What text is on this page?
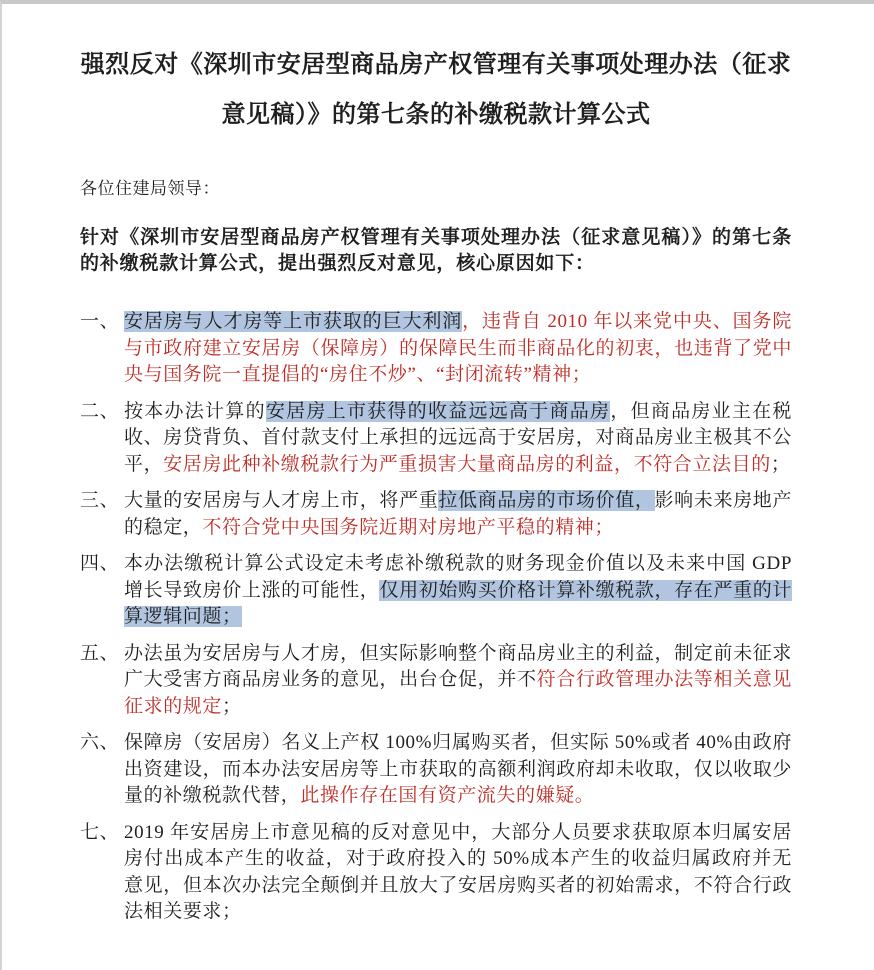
强烈反对《深圳市安居型商品房产权管理有关事项处理办法（征求
意见稿）》的第七条的补缴税款计算公式
各位住建局领导：
针对《深圳市安居型商品房产权管理有关事项处理办法（征求意见稿）》的第七条的补缴税款计算公式，提出强烈反对意见，核心原因如下：
一、 安居房与人才房等上市获取的巨大利润，违背自 2010 年以来党中央、国务院与市政府建立安居房（保障房）的保障民生而非商品化的初衷，也违背了党中央与国务院一直提倡的“房住不炒”、“封闭流转”精神；
二、 按本办法计算的安居房上市获得的收益远远高于商品房，但商品房业主在税收、房贷背负、首付款支付上承担的远远高于安居房，对商品房业主极其不公平，安居房此种补缴税款行为严重损害大量商品房的利益，不符合立法目的；
三、 大量的安居房与人才房上市，将严重拉低商品房的市场价值，影响未来房地产的稳定，不符合党中央国务院近期对房地产平稳的精神；
四、 本办法缴税计算公式设定未考虑补缴税款的财务现金价值以及未来中国 GDP 增长导致房价上涨的可能性，仅用初始购买价格计算补缴税款，存在严重的计算逻辑问题；
五、 办法虽为安居房与人才房，但实际影响整个商品房业主的利益，制定前未征求广大受害方商品房业务的意见，出台仓促，并不符合行政管理办法等相关意见征求的规定；
六、 保障房（安居房）名义上产权 100%归属购买者，但实际 50%或者 40%由政府出资建设，而本办法安居房等上市获取的高额利润政府却未收取，仅以收取少量的补缴税款代替，此操作存在国有资产流失的嫌疑。
七、 2019 年安居房上市意见稿的反对意见中，大部分人员要求获取原本归属安居房付出成本产生的收益，对于政府投入的 50%成本产生的收益归属政府并无意见，但本次办法完全颠倒并且放大了安居房购买者的初始需求，不符合行政法相关要求；
